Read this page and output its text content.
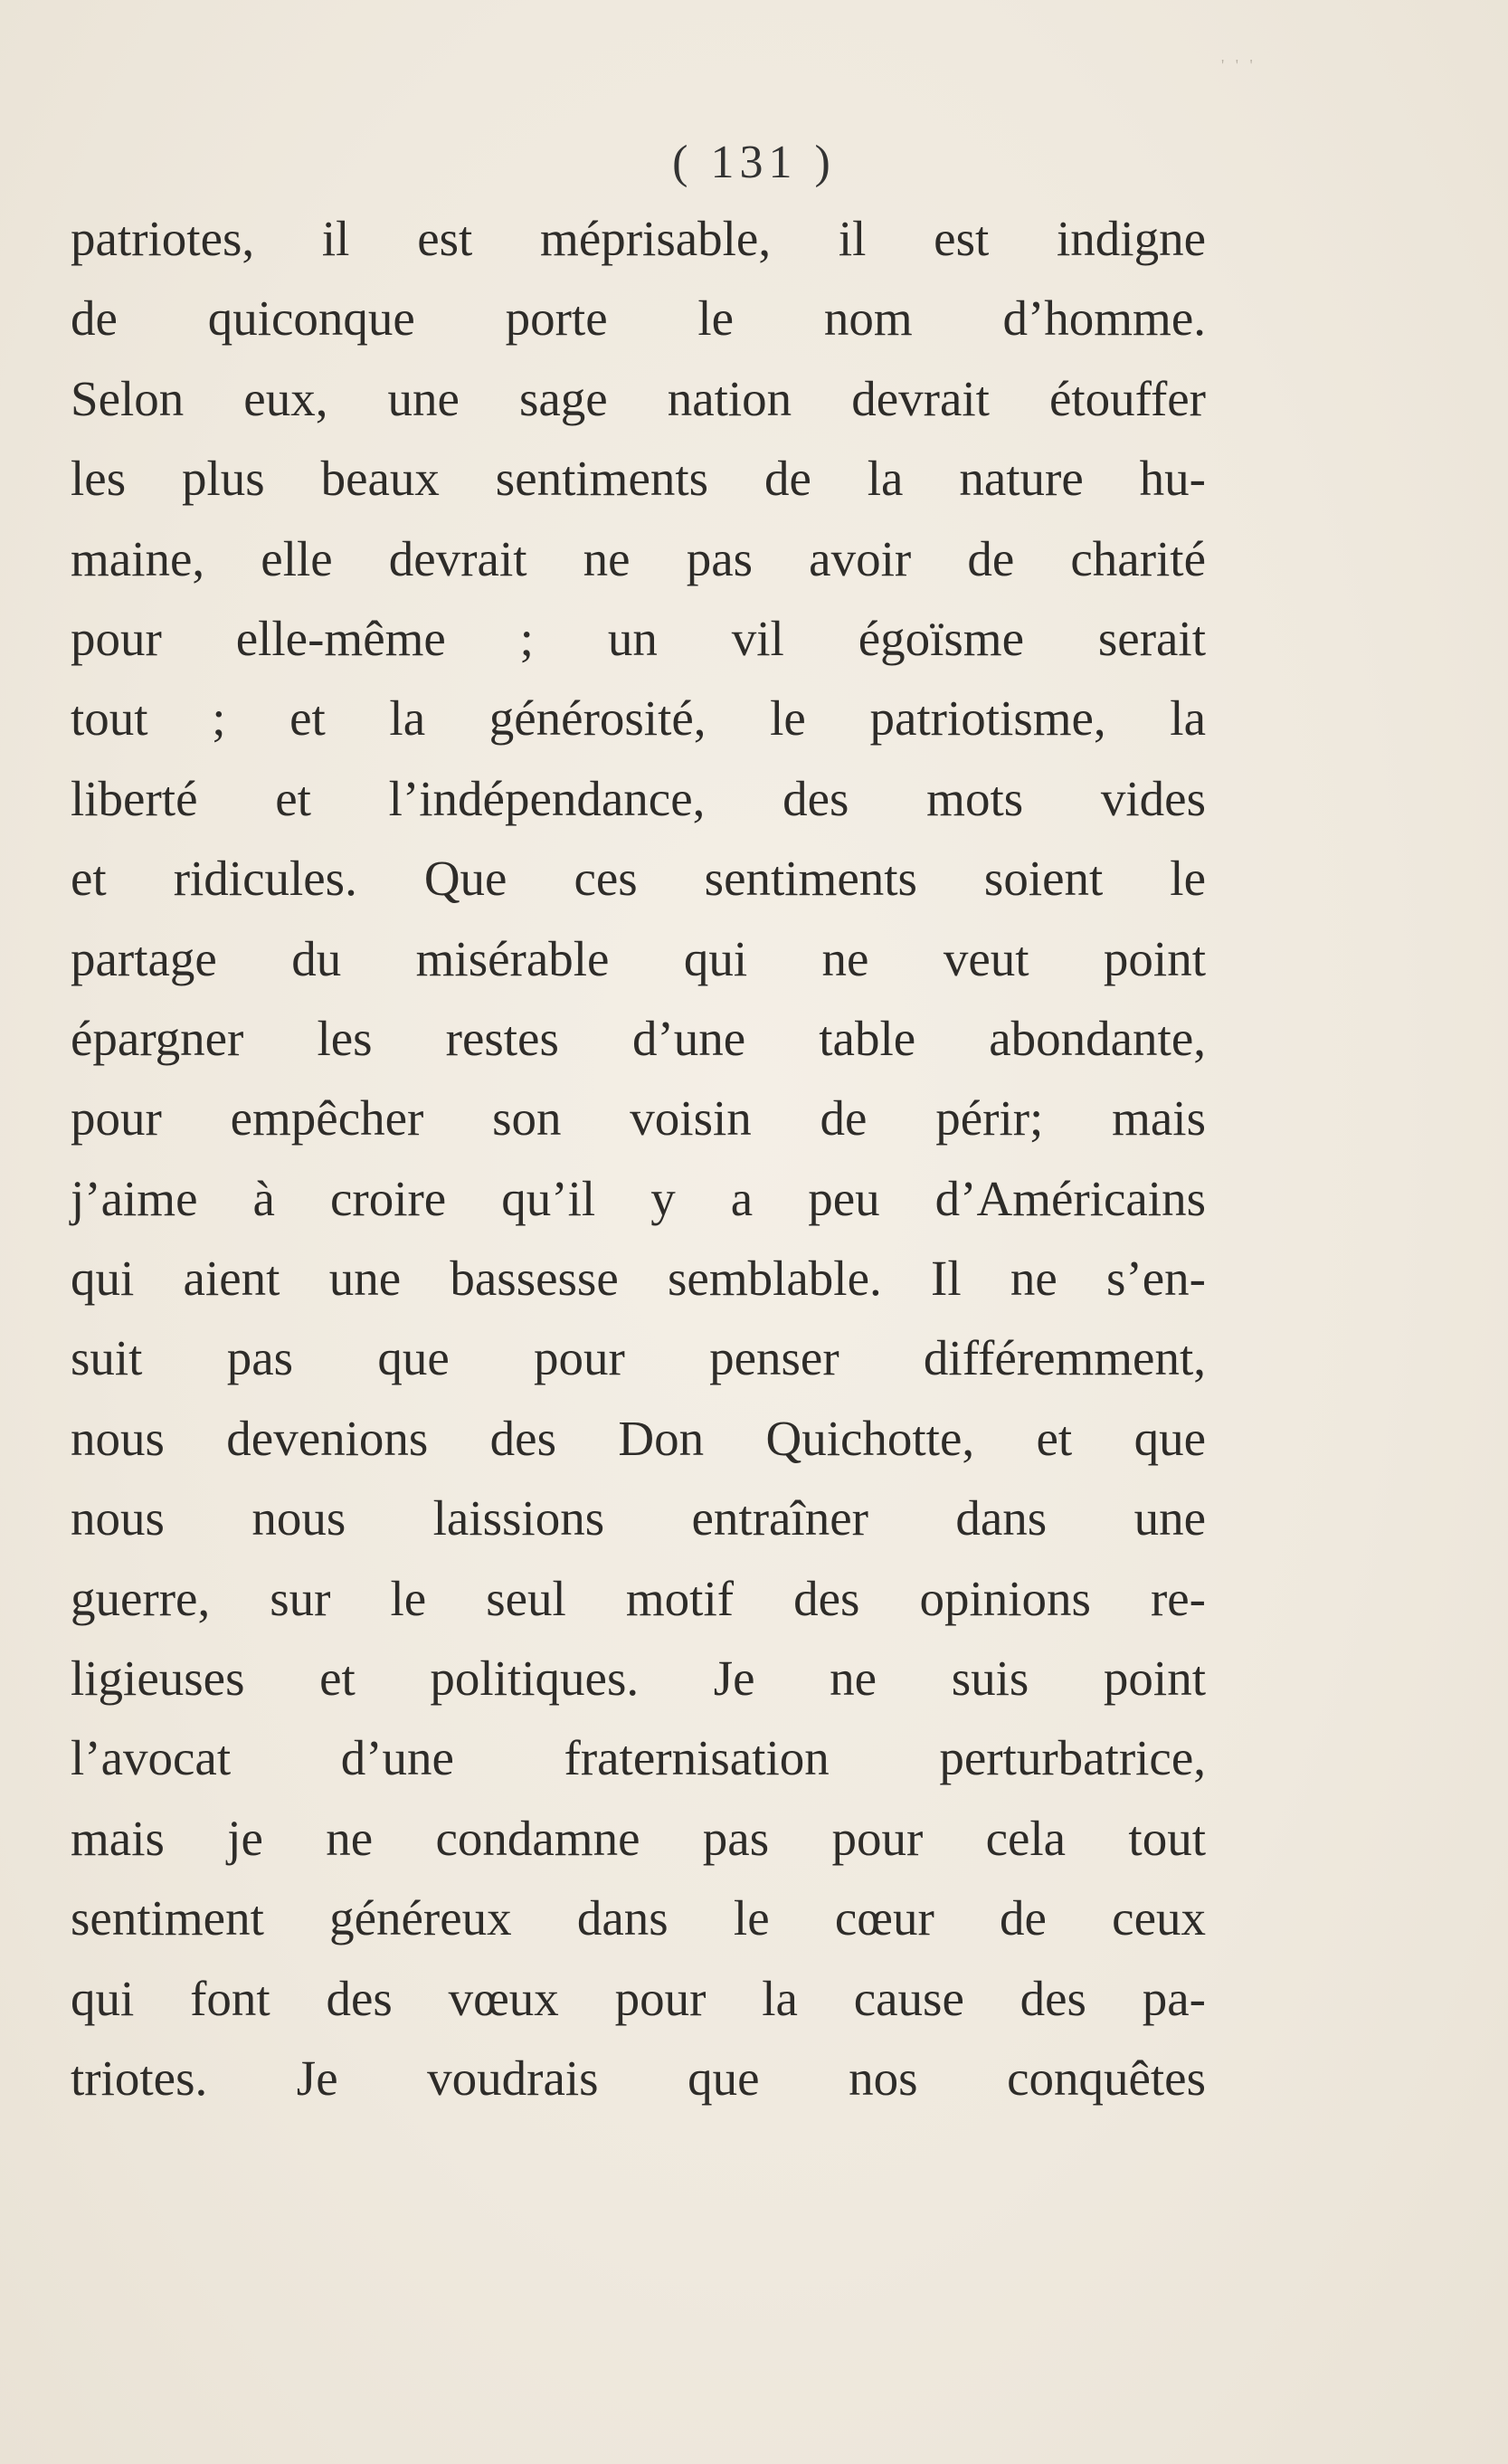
' ' '
( 131 )
patriotes, il est méprisable, il est indigne
de quiconque porte le nom d’homme.
Selon eux, une sage nation devrait étouffer
les plus beaux sentiments de la nature hu-
maine, elle devrait ne pas avoir de charité
pour elle-même ; un vil égoïsme serait
tout ; et la générosité, le patriotisme, la
liberté et l’indépendance, des mots vides
et ridicules. Que ces sentiments soient le
partage du misérable qui ne veut point
épargner les restes d’une table abondante,
pour empêcher son voisin de périr; mais
j’aime à croire qu’il y a peu d’Américains
qui aient une bassesse semblable. Il ne s’en-
suit pas que pour penser différemment,
nous devenions des Don Quichotte, et que
nous nous laissions entraîner dans une
guerre, sur le seul motif des opinions re-
ligieuses et politiques. Je ne suis point
l’avocat d’une fraternisation perturbatrice,
mais je ne condamne pas pour cela tout
sentiment généreux dans le cœur de ceux
qui font des vœux pour la cause des pa-
triotes. Je voudrais que nos conquêtes
